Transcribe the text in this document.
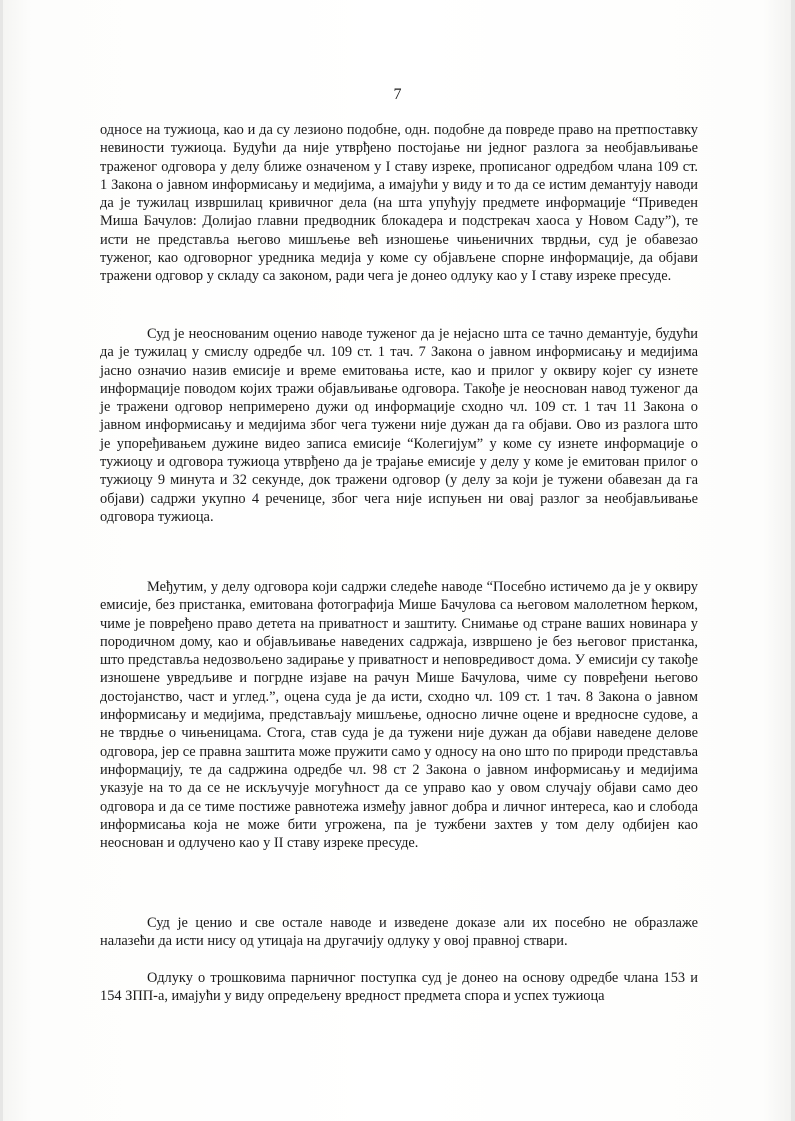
7

односе на тужиоца, као и да су лезионо подобне, одн. подобне да повреде право на претпоставку невиности тужиоца. Будући да није утврђено постојање ни једног разлога за необјављивање траженог одговора у делу ближе означеном у I ставу изреке, прописаног одредбом члана 109 ст. 1 Закона о јавном информисању и медијима, а имајући у виду и то да се истим демантују наводи да је тужилац извршилац кривичног дела (на шта упућују предмете информације “Приведен Миша Бачулов: Долијао главни предводник блокадера и подстрекач хаоса у Новом Саду”), те исти не представља његово мишљење већ изношење чињеничних тврдњи, суд је обавезао туженог, као одговорног уредника медија у коме су објављене спорне информације, да објави тражени одговор у складу са законом, ради чега је донео одлуку као у I ставу изреке пресуде.

Суд је неоснованим оценио наводе туженог да је нејасно шта се тачно демантује, будући да је тужилац у смислу одредбе чл. 109 ст. 1 тач. 7 Закона о јавном информисању и медијима јасно означио назив емисије и време емитовања исте, као и прилог у оквиру којег су изнете информације поводом којих тражи објављивање одговора. Такође је неоснован навод туженог да је тражени одговор непримерено дужи од информације сходно чл. 109 ст. 1 тач 11 Закона о јавном информисању и медијима због чега тужени није дужан да га објави. Ово из разлога што је упоређивањем дужине видео записа емисије “Колегијум” у коме су изнете информације о тужиоцу и одговора тужиоца утврђено да је трајање емисије у делу у коме је емитован прилог о тужиоцу 9 минута и 32 секунде, док тражени одговор (у делу за који је тужени обавезан да га објави) садржи укупно 4 реченице, због чега није испуњен ни овај разлог за необјављивање одговора тужиоца.

Међутим, у делу одговора који садржи следеће наводе “Посебно истичемо да је у оквиру емисије, без пристанка, емитована фотографија Мише Бачулова са његовом малолетном ћерком, чиме је повређено право детета на приватност и заштиту. Снимање од стране ваших новинара у породичном дому, као и објављивање наведених садржаја, извршено је без његовог пристанка, што представља недозвољено задирање у приватност и неповредивост дома. У емисији су такође изношене увредљиве и погрдне изјаве на рачун Мише Бачулова, чиме су повређени његово достојанство, част и углед.”, оцена суда је да исти, сходно чл. 109 ст. 1 тач. 8 Закона о јавном информисању и медијима, представљају мишљење, односно личне оцене и вредносне судове, а не тврдње о чињеницама. Стога, став суда је да тужени није дужан да објави наведене делове одговора, јер се правна заштита може пружити само у односу на оно што по природи представља информацију, те да садржина одредбе чл. 98 ст 2 Закона о јавном информисању и медијима указује на то да се не искључује могућност да се управо као у овом случају објави само део одговора и да се тиме постиже равнотежа између јавног добра и личног интереса, као и слобода информисања која не може бити угрожена, па је тужбени захтев у том делу одбијен као неоснован и одлучено као у II ставу изреке пресуде.

Суд је ценио и све остале наводе и изведене доказе али их посебно не образлаже налазећи да исти нису од утицаја на другачију одлуку у овој правној ствари.

Одлуку о трошковима парничног поступка суд је донео на основу одредбе члана 153 и 154 ЗПП-а, имајући у виду опредељену вредност предмета спора и успех тужиоца
